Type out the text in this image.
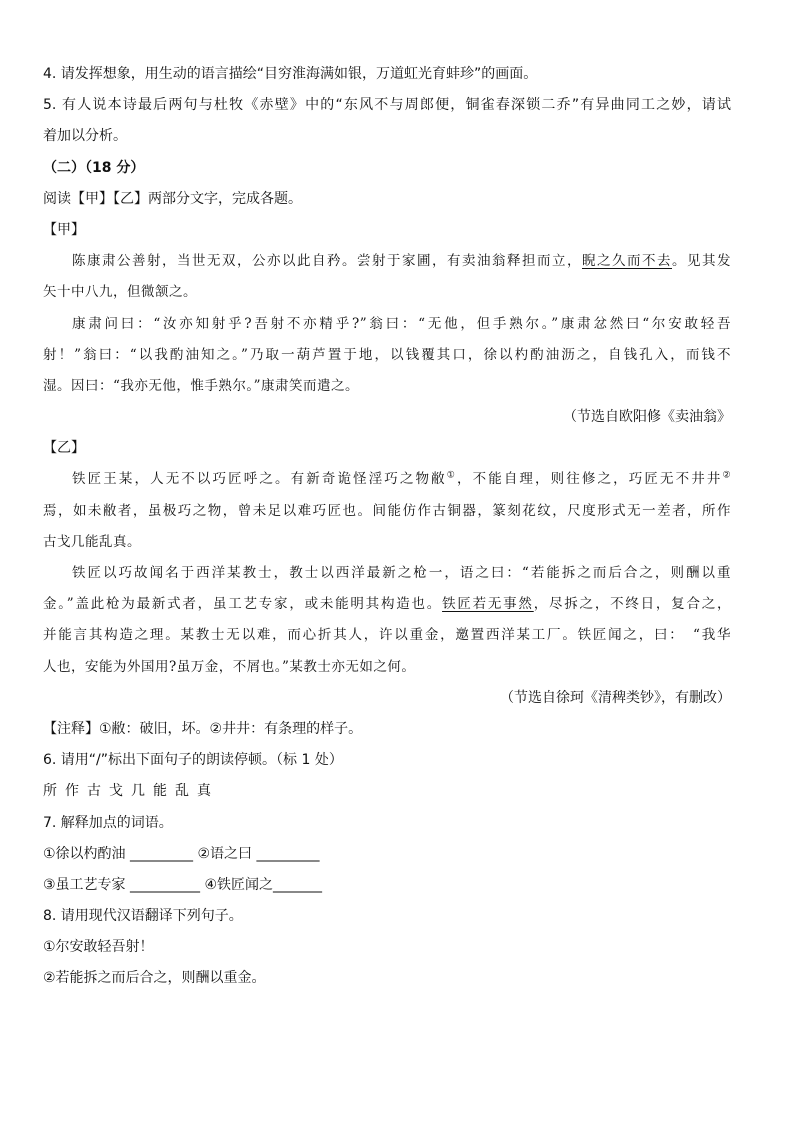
4. 请发挥想象，用生动的语言描绘“目穷淮海满如银，万道虹光育蚌珍”的画面。
5. 有人说本诗最后两句与杜牧《赤壁》中的“东风不与周郎便，铜雀春深锁二乔”有异曲同工之妙，请试
着加以分析。
（二）（18 分）
阅读【甲】【乙】两部分文字，完成各题。
【甲】
陈康肃公善射，当世无双，公亦以此自矜。尝射于家圃，有卖油翁释担而立，睨之久而不去。见其发
矢十中八九，但微颔之。
康肃问曰：“汝亦知射乎?吾射不亦精乎?”翁曰：“无他，但手熟尔。”康肃忿然曰“尔安敢轻吾
射！”翁曰：“以我酌油知之。”乃取一葫芦置于地，以钱覆其口，徐以杓酌油沥之，自钱孔入，而钱不
湿。因曰：“我亦无他，惟手熟尔。”康肃笑而遣之。
（节选自欧阳修《卖油翁》
【乙】
铁匠王某，人无不以巧匠呼之。有新奇诡怪淫巧之物敝①，不能自理，则往修之，巧匠无不井井②
焉，如未敝者，虽极巧之物，曾未足以难巧匠也。间能仿作古铜器，篆刻花纹，尺度形式无一差者，所作
古戈几能乱真。
铁匠以巧故闻名于西洋某教士，教士以西洋最新之枪一，语之曰：“若能拆之而后合之，则酬以重
金。”盖此枪为最新式者，虽工艺专家，或未能明其构造也。铁匠若无事然，尽拆之，不终日，复合之，
并能言其构造之理。某教士无以难，而心折其人，许以重金，邀置西洋某工厂。铁匠闻之，曰：　“我华
人也，安能为外国用?虽万金，不屑也。”某教士亦无如之何。
（节选自徐珂《清稗类钞》，有删改）
【注释】①敝：破旧，坏。②井井：有条理的样子。
6. 请用“/”标出下面句子的朗读停顿。（标 1 处）
所作古戈几能乱真
7. 解释加点的词语。
①徐以杓酌油 _________ ②语之曰 _________
③虽工艺专家 __________ ④铁匠闻之_______
8. 请用现代汉语翻译下列句子。
①尔安敢轻吾射！
②若能拆之而后合之，则酬以重金。
